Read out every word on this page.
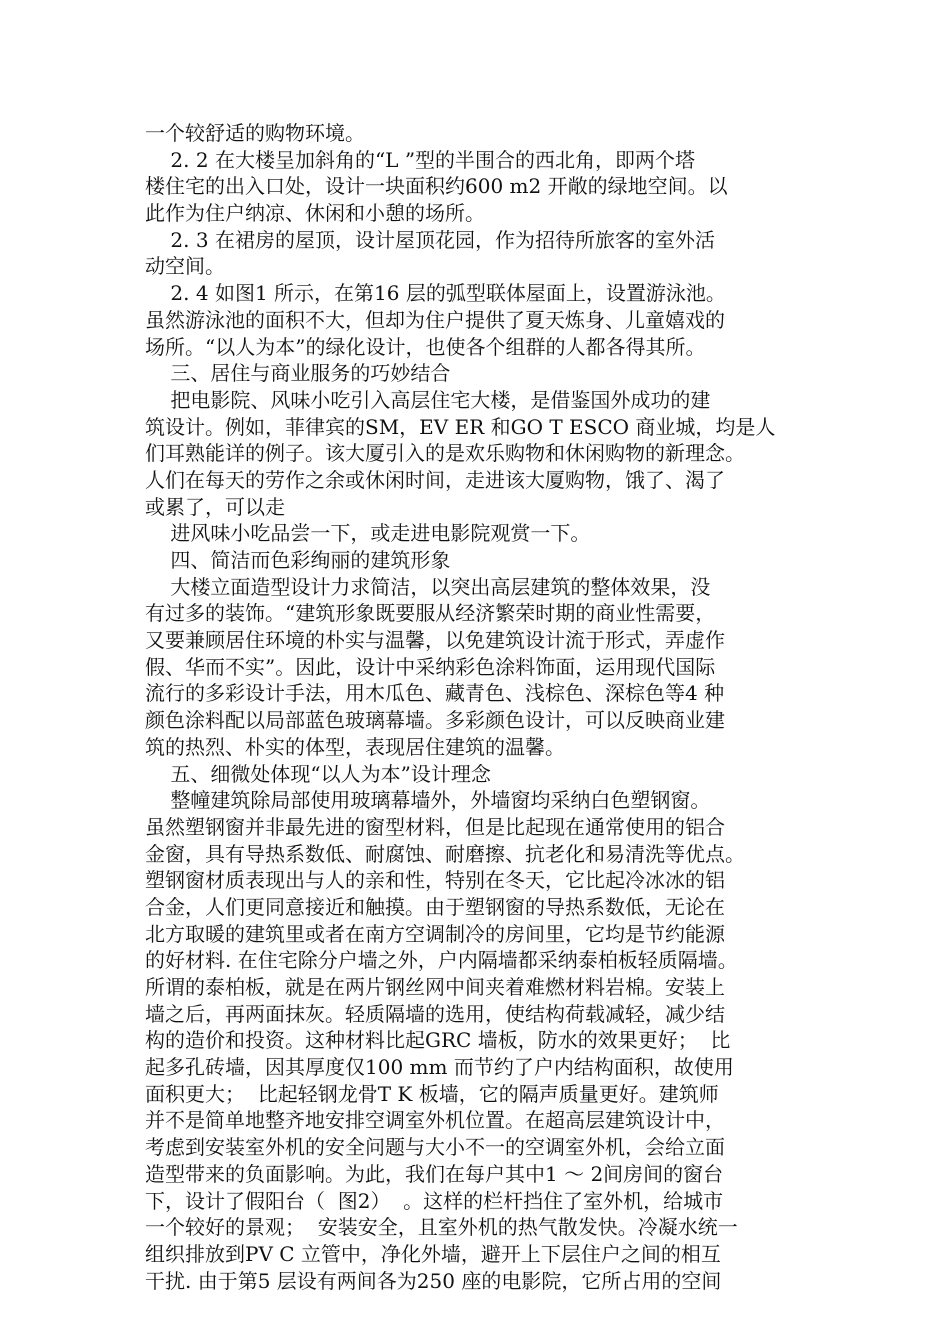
一个较舒适的购物环境。
2. 2 在大楼呈加斜角的“L ”型的半围合的西北角，即两个塔
楼住宅的出入口处，设计一块面积约600 m2 开敞的绿地空间。以
此作为住户纳凉、休闲和小憩的场所。
2. 3 在裙房的屋顶，设计屋顶花园，作为招待所旅客的室外活
动空间。
2. 4 如图1 所示，在第16 层的弧型联体屋面上，设置游泳池。
虽然游泳池的面积不大，但却为住户提供了夏天炼身、儿童嬉戏的
场所。“以人为本”的绿化设计，也使各个组群的人都各得其所。
三、居住与商业服务的巧妙结合
把电影院、风味小吃引入高层住宅大楼，是借鉴国外成功的建
筑设计。例如，菲律宾的SM，EV ER 和GO T ESCO 商业城，均是人
们耳熟能详的例子。该大厦引入的是欢乐购物和休闲购物的新理念。
人们在每天的劳作之余或休闲时间，走进该大厦购物，饿了、渴了
或累了，可以走
进风味小吃品尝一下，或走进电影院观赏一下。
四、简洁而色彩绚丽的建筑形象
大楼立面造型设计力求简洁，以突出高层建筑的整体效果，没
有过多的装饰。“建筑形象既要服从经济繁荣时期的商业性需要，
又要兼顾居住环境的朴实与温馨，以免建筑设计流于形式，弄虚作
假、华而不实”。因此，设计中采纳彩色涂料饰面，运用现代国际
流行的多彩设计手法，用木瓜色、藏青色、浅棕色、深棕色等4 种
颜色涂料配以局部蓝色玻璃幕墙。多彩颜色设计，可以反映商业建
筑的热烈、朴实的体型，表现居住建筑的温馨。
五、细微处体现“以人为本”设计理念
整幢建筑除局部使用玻璃幕墙外，外墙窗均采纳白色塑钢窗。
虽然塑钢窗并非最先进的窗型材料，但是比起现在通常使用的铝合
金窗，具有导热系数低、耐腐蚀、耐磨擦、抗老化和易清洗等优点。
塑钢窗材质表现出与人的亲和性，特别在冬天，它比起冷冰冰的铝
合金，人们更同意接近和触摸。由于塑钢窗的导热系数低，无论在
北方取暖的建筑里或者在南方空调制冷的房间里，它均是节约能源
的好材料. 在住宅除分户墙之外，户内隔墙都采纳泰柏板轻质隔墙。
所谓的泰柏板，就是在两片钢丝网中间夹着难燃材料岩棉。安装上
墙之后，再两面抹灰。轻质隔墙的选用，使结构荷载减轻，减少结
构的造价和投资。这种材料比起GRC 墙板，防水的效果更好；  比
起多孔砖墙，因其厚度仅100 mm 而节约了户内结构面积，故使用
面积更大；  比起轻钢龙骨T K 板墙，它的隔声质量更好。建筑师
并不是简单地整齐地安排空调室外机位置。在超高层建筑设计中，
考虑到安装室外机的安全问题与大小不一的空调室外机，会给立面
造型带来的负面影响。为此，我们在每户其中1 ～ 2间房间的窗台
下，设计了假阳台（  图2）  。这样的栏杆挡住了室外机，给城市
一个较好的景观；  安装安全，且室外机的热气散发快。冷凝水统一
组织排放到PV C 立管中，净化外墙，避开上下层住户之间的相互
干扰. 由于第5 层设有两间各为250 座的电影院，它所占用的空间
